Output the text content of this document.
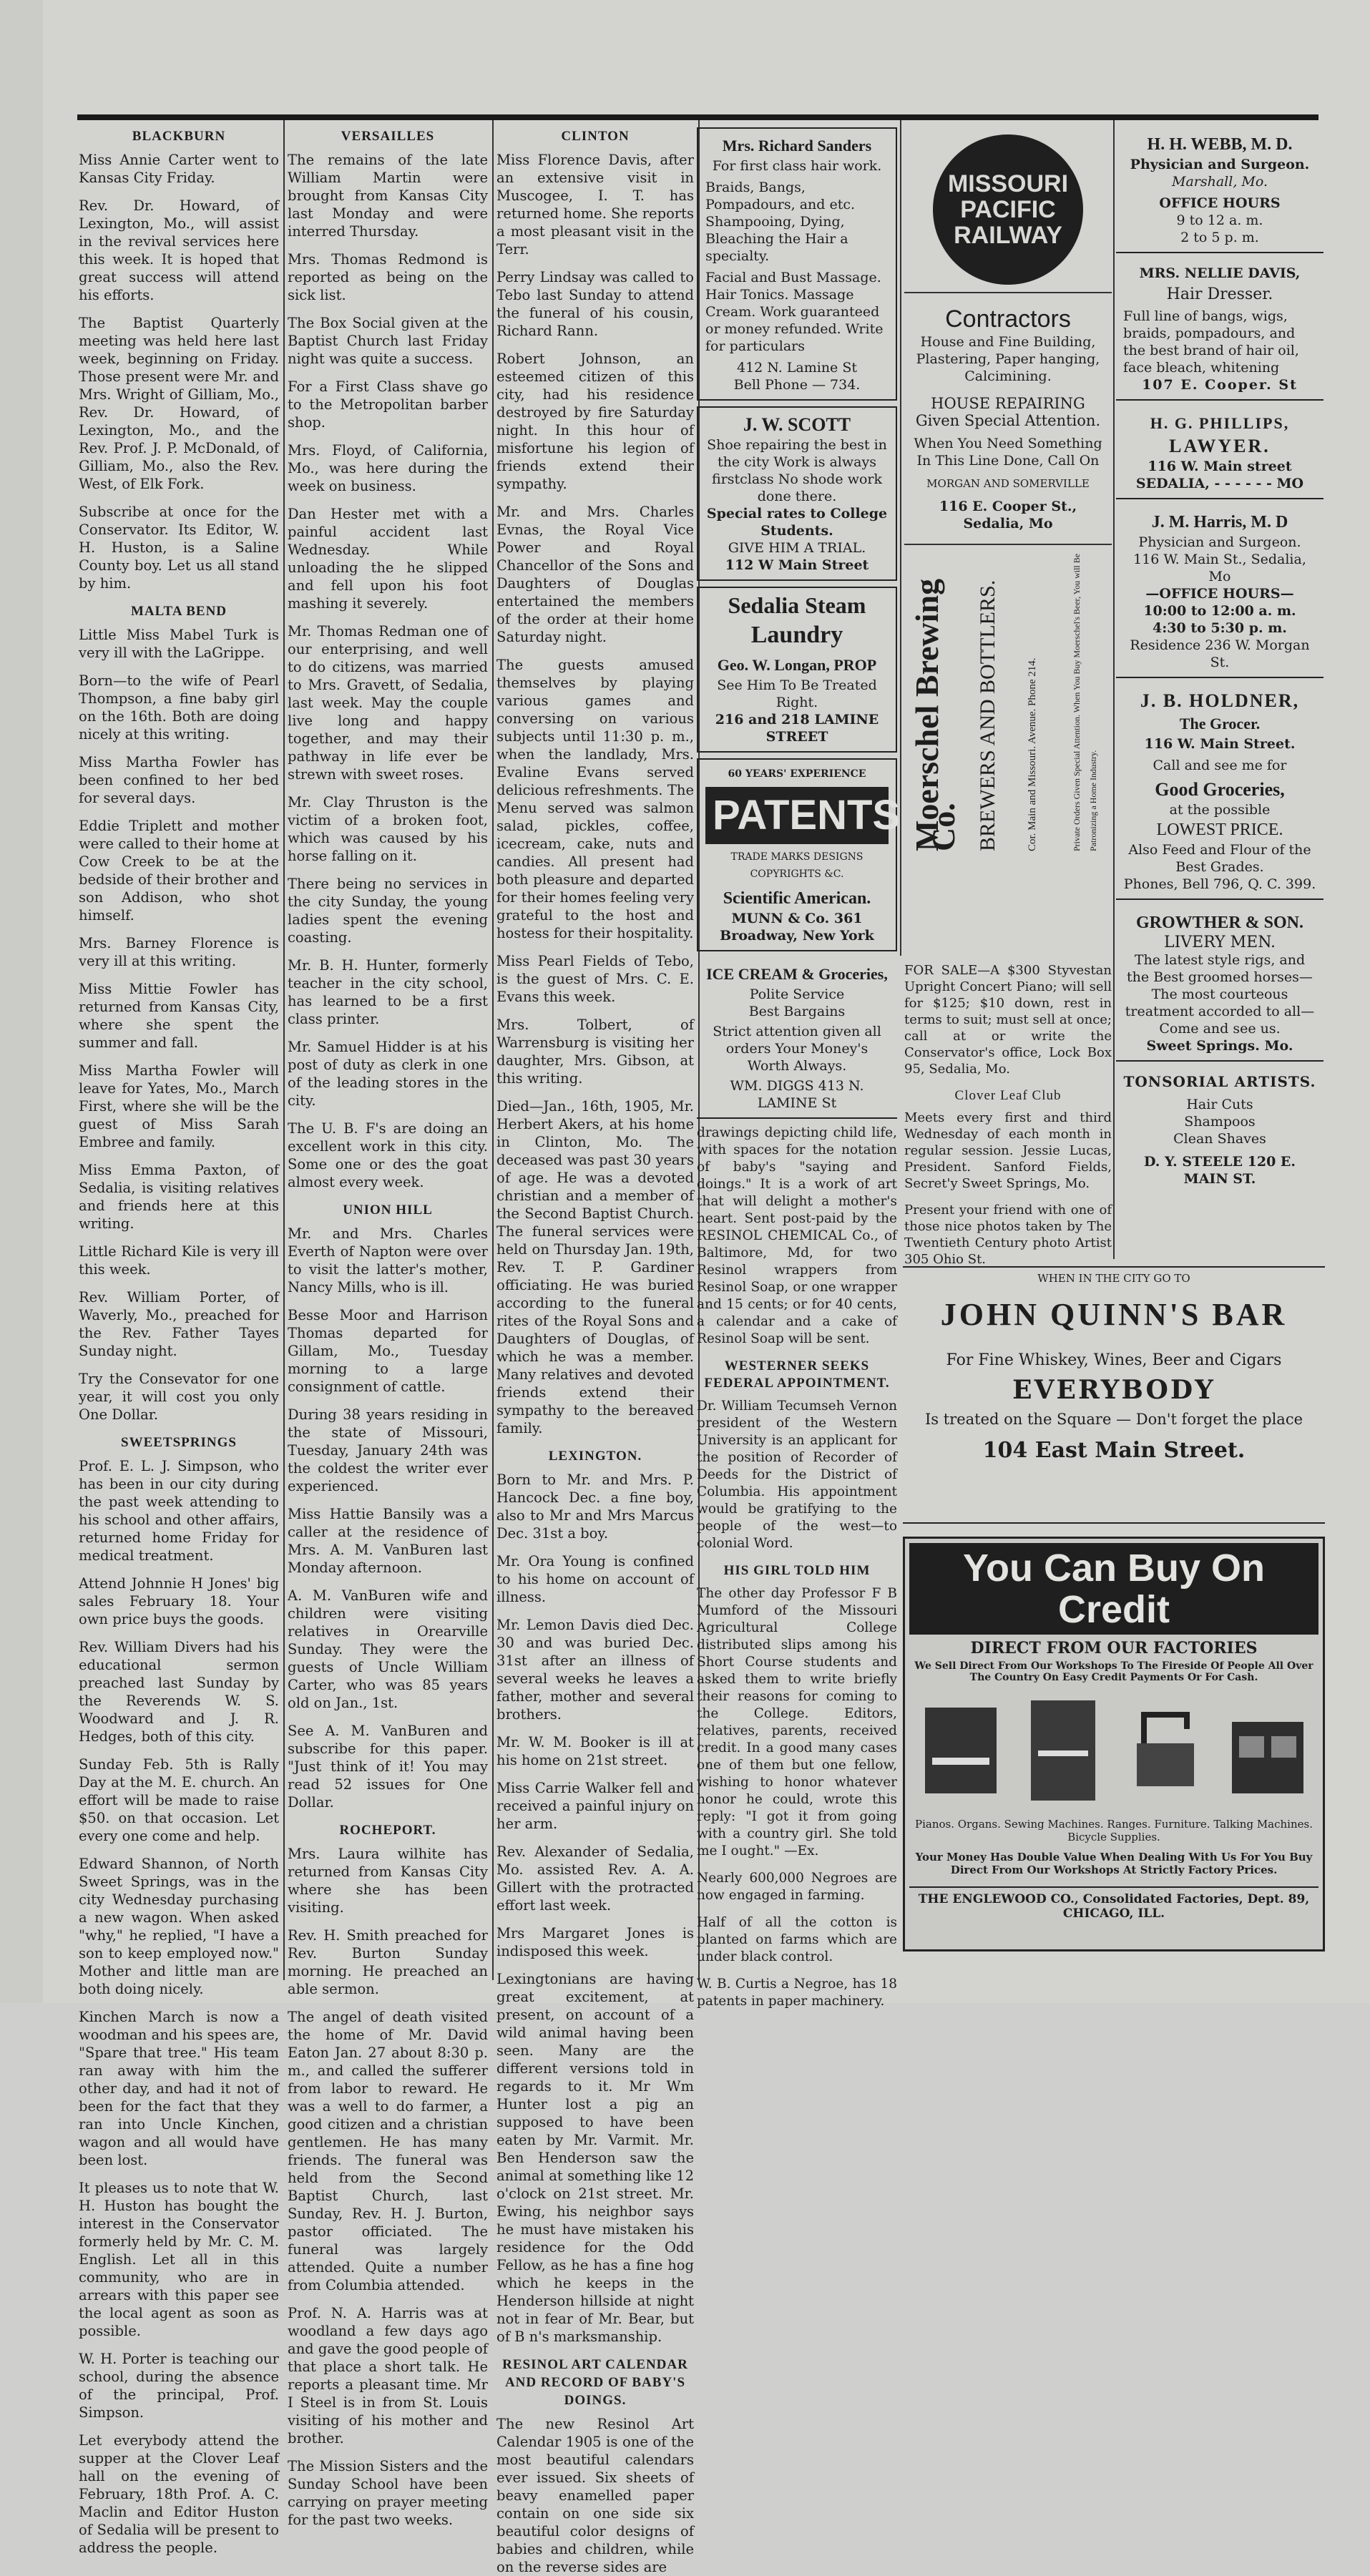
BLACKBURN

Miss Annie Carter went to Kansas City Friday.

Rev. Dr. Howard, of Lexington, Mo., will assist in the revival services here this week. It is hoped that great success will attend his efforts.

The Baptist Quarterly meeting was held here last week, beginning on Friday. Those present were Mr. and Mrs. Wright of Gilliam, Mo., Rev. Dr. Howard, of Lexington, Mo., and the Rev. Prof. J. P. McDonald, of Gilliam, Mo., also the Rev. West, of Elk Fork.

Subscribe at once for the Conservator. Its Editor, W. H. Huston, is a Saline County boy. Let us all stand by him.

MALTA BEND

Little Miss Mabel Turk is very ill with the LaGrippe.

Born—to the wife of Pearl Thompson, a fine baby girl on the 16th. Both are doing nicely at this writing.

Miss Martha Fowler has been confined to her bed for several days.

Eddie Triplett and mother were called to their home at Cow Creek to be at the bedside of their brother and son Addison, who shot himself.

Mrs. Barney Florence is very ill at this writing.

Miss Mittie Fowler has returned from Kansas City, where she spent the summer and fall.

Miss Martha Fowler will leave for Yates, Mo., March First, where she will be the guest of Miss Sarah Embree and family.

Miss Emma Paxton, of Sedalia, is visiting relatives and friends here at this writing.

Little Richard Kile is very ill this week.

Rev. William Porter, of Waverly, Mo., preached for the Rev. Father Tayes Sunday night.

Try the Consevator for one year, it will cost you only One Dollar.

SWEETSPRINGS

Prof. E. L. J. Simpson, who has been in our city during the past week attending to his school and other affairs, returned home Friday for medical treatment.

Attend Johnnie H Jones' big sales February 18. Your own price buys the goods.

Rev. William Divers had his educational sermon preached last Sunday by the Reverends W. S. Woodward and J. R. Hedges, both of this city.

Sunday Feb. 5th is Rally Day at the M. E. church. An effort will be made to raise $50. on that occasion. Let every one come and help.

Edward Shannon, of North Sweet Springs, was in the city Wednesday purchasing a new wagon. When asked "why," he replied, "I have a son to keep employed now." Mother and little man are both doing nicely.

Kinchen March is now a woodman and his spees are, "Spare that tree." His team ran away with him the other day, and had it not of been for the fact that they ran into Uncle Kinchen, wagon and all would have been lost.

It pleases us to note that W. H. Huston has bought the interest in the Conservator formerly held by Mr. C. M. English. Let all in this community, who are in arrears with this paper see the local agent as soon as possible.

W. H. Porter is teaching our school, during the absence of the principal, Prof. Simpson.

Let everybody attend the supper at the Clover Leaf hall on the evening of February, 18th Prof. A. C. Maclin and Editor Huston of Sedalia will be present to address the people.

VERSAILLES

The remains of the late William Martin were brought from Kansas City last Monday and were interred Thursday.

Mrs. Thomas Redmond is reported as being on the sick list.

The Box Social given at the Baptist Church last Friday night was quite a success.

For a First Class shave go to the Metropolitan barber shop.

Mrs. Floyd, of California, Mo., was here during the week on business.

Dan Hester met with a painful accident last Wednesday. While unloading the he slipped and fell upon his foot mashing it severely.

Mr. Thomas Redman one of our enterprising, and well to do citizens, was married to Mrs. Gravett, of Sedalia, last week. May the couple live long and happy together, and may their pathway in life ever be strewn with sweet roses.

Mr. Clay Thruston is the victim of a broken foot, which was caused by his horse falling on it.

There being no services in the city Sunday, the young ladies spent the evening coasting.

Mr. B. H. Hunter, formerly teacher in the city school, has learned to be a first class printer.

Mr. Samuel Hidder is at his post of duty as clerk in one of the leading stores in the city.

The U. B. F's are doing an excellent work in this city. Some one or des the goat almost every week.

UNION HILL

Mr. and Mrs. Charles Everth of Napton were over to visit the latter's mother, Nancy Mills, who is ill.

Besse Moor and Harrison Thomas departed for Gillam, Mo., Tuesday morning to a large consignment of cattle.

During 38 years residing in the state of Missouri, Tuesday, January 24th was the coldest the writer ever experienced.

Miss Hattie Bansily was a caller at the residence of Mrs. A. M. VanBuren last Monday afternoon.

A. M. VanBuren wife and children were visiting relatives in Orearville Sunday. They were the guests of Uncle William Carter, who was 85 years old on Jan., 1st.

See A. M. VanBuren and subscribe for this paper. "Just think of it! You may read 52 issues for One Dollar.

ROCHEPORT.

Mrs. Laura wilhite has returned from Kansas City where she has been visiting.

Rev. H. Smith preached for Rev. Burton Sunday morning. He preached an able sermon.

The angel of death visited the home of Mr. David Eaton Jan. 27 about 8:30 p. m., and called the sufferer from labor to reward. He was a well to do farmer, a good citizen and a christian gentlemen. He has many friends. The funeral was held from the Second Baptist Church, last Sunday, Rev. H. J. Burton, pastor officiated. The funeral was largely attended. Quite a number from Columbia attended.

Prof. N. A. Harris was at woodland a few days ago and gave the good people of that place a short talk. He reports a pleasant time. Mr I Steel is in from St. Louis visiting of his mother and brother.

The Mission Sisters and the Sunday School have been carrying on prayer meeting for the past two weeks.

CLINTON

Miss Florence Davis, after an extensive visit in Muscogee, I. T. has returned home. She reports a most pleasant visit in the Terr.

Perry Lindsay was called to Tebo last Sunday to attend the funeral of his cousin, Richard Rann.

Robert Johnson, an esteemed citizen of this city, had his residence destroyed by fire Saturday night. In this hour of misfortune his legion of friends extend their sympathy.

Mr. and Mrs. Charles Evnas, the Royal Vice Power and Royal Chancellor of the Sons and Daughters of Douglas entertained the members of the order at their home Saturday night.

The guests amused themselves by playing various games and conversing on various subjects until 11:30 p. m., when the landlady, Mrs. Evaline Evans served delicious refreshments. The Menu served was salmon salad, pickles, coffee, icecream, cake, nuts and candies. All present had both pleasure and departed for their homes feeling very grateful to the host and hostess for their hospitality.

Miss Pearl Fields of Tebo, is the guest of Mrs. C. E. Evans this week.

Mrs. Tolbert, of Warrensburg is visiting her daughter, Mrs. Gibson, at this writing.

Died—Jan., 16th, 1905, Mr. Herbert Akers, at his home in Clinton, Mo. The deceased was past 30 years of age. He was a devoted christian and a member of the Second Baptist Church. The funeral services were held on Thursday Jan. 19th, Rev. T. P. Gardiner officiating. He was buried according to the funeral rites of the Royal Sons and Daughters of Douglas, of which he was a member. Many relatives and devoted friends extend their sympathy to the bereaved family.

LEXINGTON.

Born to Mr. and Mrs. P. Hancock Dec. a fine boy, also to Mr and Mrs Marcus Dec. 31st a boy.

Mr. Ora Young is confined to his home on account of illness.

Mr. Lemon Davis died Dec. 30 and was buried Dec. 31st after an illness of several weeks he leaves a father, mother and several brothers.

Mr. W. M. Booker is ill at his home on 21st street.

Miss Carrie Walker fell and received a painful injury on her arm.

Rev. Alexander of Sedalia, Mo. assisted Rev. A. A. Gillert with the protracted effort last week.

Mrs Margaret Jones is indisposed this week.

Lexingtonians are having great excitement, at present, on account of a wild animal having been seen. Many are the different versions told in regards to it. Mr Wm Hunter lost a pig an supposed to have been eaten by Mr. Varmit. Mr. Ben Henderson saw the animal at something like 12 o'clock on 21st street. Mr. Ewing, his neighbor says he must have mistaken his residence for the Odd Fellow, as he has a fine hog which he keeps in the Henderson hillside at night not in fear of Mr. Bear, but of B n's marksmanship.

RESINOL ART CALENDAR AND RECORD OF BABY'S DOINGS.

The new Resinol Art Calendar 1905 is one of the most beautiful calendars ever issued. Six sheets of beavy enamelled paper contain on one side six beautiful color designs of babies and children, while on the reverse sides are

Mrs. Richard Sanders
For first class hair work.
Braids, Bangs, Pompadours, and etc. Shampooing, Dying, Bleaching the Hair a specialty.
Facial and Bust Massage. Hair Tonics. Massage Cream. Work guaranteed or money refunded. Write for particulars
412 N. Lamine St
Bell Phone — 734.
J. W. SCOTT
Shoe repairing the best in the city Work is always firstclass No shode work done there.
Special rates to College Students.
GIVE HIM A TRIAL.
112 W Main Street
Sedalia Steam
Laundry
Geo. W. Longan, PROP
See Him To Be Treated Right.
216 and 218 LAMINE STREET
60 YEARS' EXPERIENCE
PATENTS
TRADE MARKS DESIGNS COPYRIGHTS &C.
Scientific American.
MUNN & Co. 361 Broadway, New York
ICE CREAM & Groceries,
Polite Service
Best Bargains
Strict attention given all orders Your Money's Worth Always.
WM. DIGGS 413 N. LAMINE St

drawings depicting child life, with spaces for the notation of baby's "saying and doings." It is a work of art that will delight a mother's heart. Sent post-paid by the RESINOL CHEMICAL Co., of Baltimore, Md, for two Resinol wrappers from Resinol Soap, or one wrapper and 15 cents; or for 40 cents, a calendar and a cake of Resinol Soap will be sent.

WESTERNER SEEKS FEDERAL APPOINTMENT.

Dr. William Tecumseh Vernon president of the Western University is an applicant for the position of Recorder of Deeds for the District of Columbia. His appointment would be gratifying to the people of the west—to colonial Word.

HIS GIRL TOLD HIM

The other day Professor F B Mumford of the Missouri Agricultural College distributed slips among his Short Course students and asked them to write briefly their reasons for coming to the College. Editors, relatives, parents, received credit. In a good many cases one of them but one fellow, wishing to honor whatever honor he could, wrote this reply: "I got it from going with a country girl. She told me I ought." —Ex.

Nearly 600,000 Negroes are now engaged in farming.

Half of all the cotton is planted on farms which are under black control.

W. B. Curtis a Negroe, has 18 patents in paper machinery.

MISSOURI PACIFIC RAILWAY
Contractors
House and Fine Building, Plastering, Paper hanging, Calcimining.
HOUSE REPAIRING
Given Special Attention.
When You Need Something In This Line Done, Call On
MORGAN AND SOMERVILLE
116 E. Cooper St., Sedalia, Mo
Moerschel Brewing Co. BREWERS AND BOTTLERS.	Cor. Main and Missouri. Avenue. Phone 214.	Private Orders Given Special Attention. When You Buy Moerschel's Beer, You will Be Patronizing a Home Industry.

FOR SALE—A $300 Styvestan Upright Concert Piano; will sell for $125; $10 down, rest in terms to suit; must sell at once; call at or write the Conservator's office, Lock Box 95, Sedalia, Mo.

Clover Leaf Club

Meets every first and third Wednesday of each month in regular session. Jessie Lucas, President. Sanford Fields, Secret'y Sweet Springs, Mo.

Present your friend with one of those nice photos taken by The Twentieth Century photo Artist 305 Ohio St.

H. H. WEBB, M. D.
Physician and Surgeon.
Marshall, Mo.
OFFICE HOURS
9 to 12 a. m.
2 to 5 p. m.
MRS. NELLIE DAVIS,
Hair Dresser.
Full line of bangs, wigs, braids, pompadours, and the best brand of hair oil, face bleach, whitening
107 E. Cooper. St
H. G. PHILLIPS,
LAWYER.
116 W. Main street
SEDALIA, - - - - - - MO
J. M. Harris, M. D
Physician and Surgeon.
116 W. Main St., Sedalia, Mo
—OFFICE HOURS—
10:00 to 12:00 a. m.
4:30 to 5:30 p. m.
Residence 236 W. Morgan St.
J. B. HOLDNER,
The Grocer.
116 W. Main Street.
Call and see me for
Good Groceries,
at the possible
LOWEST PRICE.
Also Feed and Flour of the Best Grades.
Phones, Bell 796, Q. C. 399.
GROWTHER & SON.
LIVERY MEN.
The latest style rigs, and the Best groomed horses—The most courteous treatment accorded to all—Come and see us.
Sweet Springs. Mo.
TONSORIAL ARTISTS.
Hair Cuts
Shampoos
Clean Shaves
D. Y. STEELE 120 E. MAIN ST.
WHEN IN THE CITY GO TO
JOHN QUINN'S BAR
For Fine Whiskey, Wines, Beer and Cigars
EVERYBODY
Is treated on the Square — Don't forget the place
104 East Main Street.
You Can Buy On Credit
DIRECT FROM OUR FACTORIES
We Sell Direct From Our Workshops To The Fireside Of People All Over The Country On Easy Credit Payments Or For Cash.
Pianos. Organs. Sewing Machines. Ranges. Furniture. Talking Machines. Bicycle Supplies.
Your Money Has Double Value When Dealing With Us For You Buy Direct From Our Workshops At Strictly Factory Prices.
THE ENGLEWOOD CO., Consolidated Factories, Dept. 89, CHICAGO, ILL.
